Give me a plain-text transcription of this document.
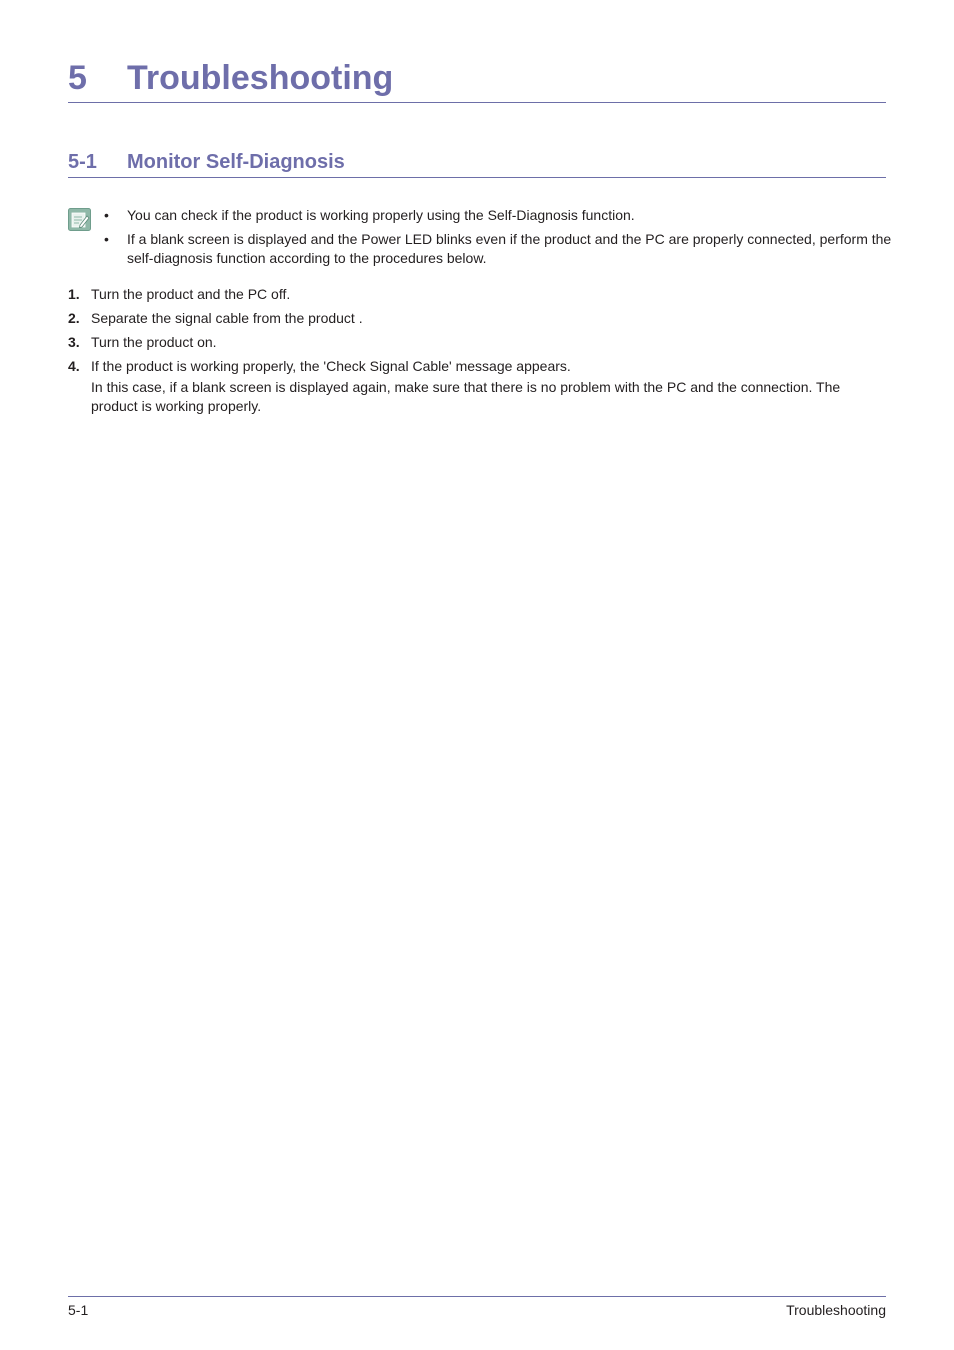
5 Troubleshooting
5-1 Monitor Self-Diagnosis
• You can check if the product is working properly using the Self-Diagnosis function.
• If a blank screen is displayed and the Power LED blinks even if the product and the PC are properly connected, perform the self-diagnosis function according to the procedures below.
1. Turn the product and the PC off.
2. Separate the signal cable from the product .
3. Turn the product on.
4. If the product is working properly, the 'Check Signal Cable' message appears.
In this case, if a blank screen is displayed again, make sure that there is no problem with the PC and the connection. The product is working properly.
5-1	Troubleshooting
